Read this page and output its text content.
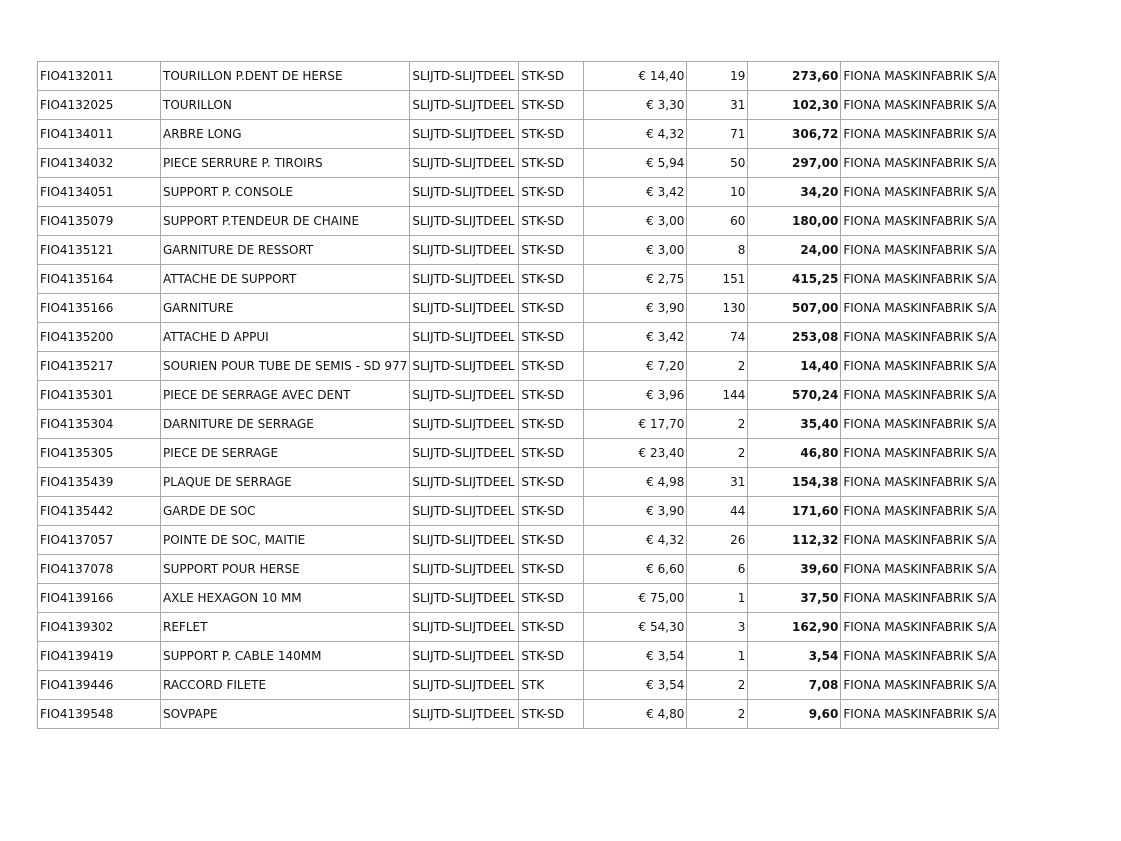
FIO4132011	TOURILLON P.DENT DE HERSE	SLIJTD-SLIJTDEEL	STK-SD	€ 14,40	19	273,60	FIONA MASKINFABRIK S/A
FIO4132025	TOURILLON	SLIJTD-SLIJTDEEL	STK-SD	€ 3,30	31	102,30	FIONA MASKINFABRIK S/A
FIO4134011	ARBRE LONG	SLIJTD-SLIJTDEEL	STK-SD	€ 4,32	71	306,72	FIONA MASKINFABRIK S/A
FIO4134032	PIECE SERRURE P. TIROIRS	SLIJTD-SLIJTDEEL	STK-SD	€ 5,94	50	297,00	FIONA MASKINFABRIK S/A
FIO4134051	SUPPORT P. CONSOLE	SLIJTD-SLIJTDEEL	STK-SD	€ 3,42	10	34,20	FIONA MASKINFABRIK S/A
FIO4135079	SUPPORT P.TENDEUR DE CHAINE	SLIJTD-SLIJTDEEL	STK-SD	€ 3,00	60	180,00	FIONA MASKINFABRIK S/A
FIO4135121	GARNITURE DE RESSORT	SLIJTD-SLIJTDEEL	STK-SD	€ 3,00	8	24,00	FIONA MASKINFABRIK S/A
FIO4135164	ATTACHE DE SUPPORT	SLIJTD-SLIJTDEEL	STK-SD	€ 2,75	151	415,25	FIONA MASKINFABRIK S/A
FIO4135166	GARNITURE	SLIJTD-SLIJTDEEL	STK-SD	€ 3,90	130	507,00	FIONA MASKINFABRIK S/A
FIO4135200	ATTACHE D APPUI	SLIJTD-SLIJTDEEL	STK-SD	€ 3,42	74	253,08	FIONA MASKINFABRIK S/A
FIO4135217	SOURIEN POUR TUBE DE SEMIS - SD 977	SLIJTD-SLIJTDEEL	STK-SD	€ 7,20	2	14,40	FIONA MASKINFABRIK S/A
FIO4135301	PIECE DE SERRAGE AVEC DENT	SLIJTD-SLIJTDEEL	STK-SD	€ 3,96	144	570,24	FIONA MASKINFABRIK S/A
FIO4135304	DARNITURE DE SERRAGE	SLIJTD-SLIJTDEEL	STK-SD	€ 17,70	2	35,40	FIONA MASKINFABRIK S/A
FIO4135305	PIECE DE SERRAGE	SLIJTD-SLIJTDEEL	STK-SD	€ 23,40	2	46,80	FIONA MASKINFABRIK S/A
FIO4135439	PLAQUE DE SERRAGE	SLIJTD-SLIJTDEEL	STK-SD	€ 4,98	31	154,38	FIONA MASKINFABRIK S/A
FIO4135442	GARDE DE SOC	SLIJTD-SLIJTDEEL	STK-SD	€ 3,90	44	171,60	FIONA MASKINFABRIK S/A
FIO4137057	POINTE DE SOC, MAITIE	SLIJTD-SLIJTDEEL	STK-SD	€ 4,32	26	112,32	FIONA MASKINFABRIK S/A
FIO4137078	SUPPORT POUR HERSE	SLIJTD-SLIJTDEEL	STK-SD	€ 6,60	6	39,60	FIONA MASKINFABRIK S/A
FIO4139166	AXLE HEXAGON 10 MM	SLIJTD-SLIJTDEEL	STK-SD	€ 75,00	1	37,50	FIONA MASKINFABRIK S/A
FIO4139302	REFLET	SLIJTD-SLIJTDEEL	STK-SD	€ 54,30	3	162,90	FIONA MASKINFABRIK S/A
FIO4139419	SUPPORT P. CABLE 140MM	SLIJTD-SLIJTDEEL	STK-SD	€ 3,54	1	3,54	FIONA MASKINFABRIK S/A
FIO4139446	RACCORD FILETE	SLIJTD-SLIJTDEEL	STK	€ 3,54	2	7,08	FIONA MASKINFABRIK S/A
FIO4139548	SOVPAPE	SLIJTD-SLIJTDEEL	STK-SD	€ 4,80	2	9,60	FIONA MASKINFABRIK S/A
